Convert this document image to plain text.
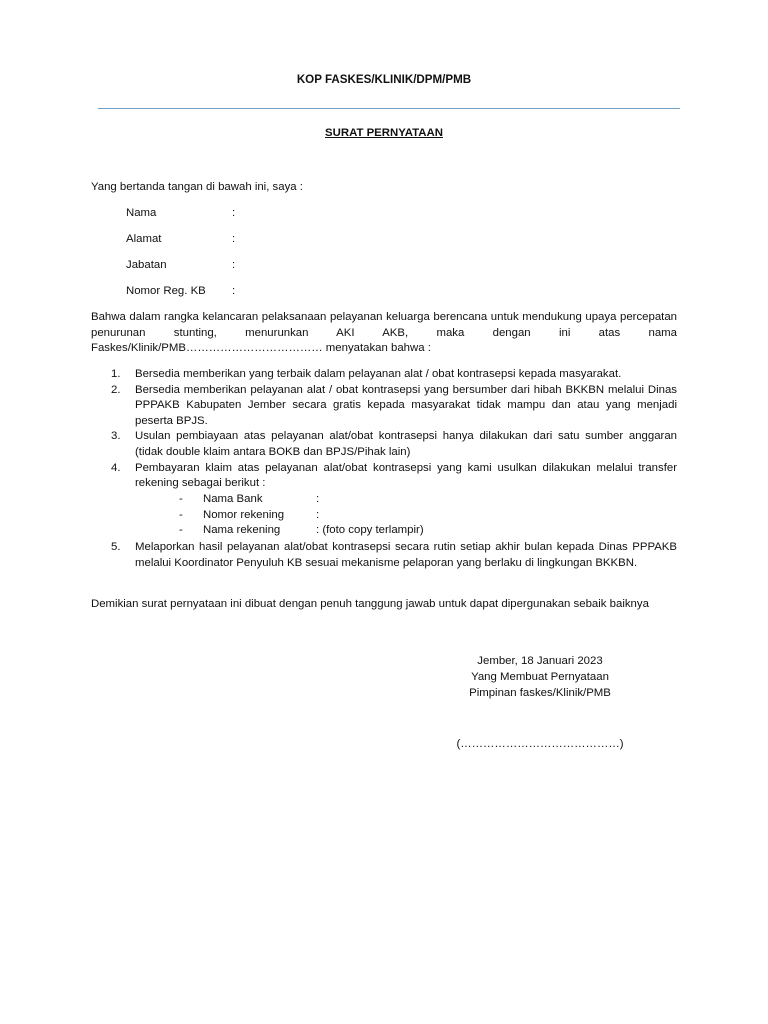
KOP FASKES/KLINIK/DPM/PMB
SURAT PERNYATAAN
Yang bertanda tangan di bawah ini, saya :
Nama	:
Alamat	:
Jabatan	:
Nomor Reg. KB :
Bahwa dalam rangka kelancaran pelaksanaan pelayanan keluarga berencana untuk mendukung upaya percepatan penurunan stunting, menurunkan AKI AKB, maka dengan ini atas nama Faskes/Klinik/PMB……………………………… menyatakan bahwa :
1. Bersedia memberikan yang terbaik dalam pelayanan alat / obat kontrasepsi kepada masyarakat.
2. Bersedia memberikan pelayanan alat / obat kontrasepsi yang bersumber dari hibah BKKBN melalui Dinas PPPAKB Kabupaten Jember secara gratis kepada masyarakat tidak mampu dan atau yang menjadi peserta BPJS.
3. Usulan pembiayaan atas pelayanan alat/obat kontrasepsi hanya dilakukan dari satu sumber anggaran (tidak double klaim antara BOKB dan BPJS/Pihak lain)
4. Pembayaran klaim atas pelayanan alat/obat kontrasepsi yang kami usulkan dilakukan melalui transfer rekening sebagai berikut :
- Nama Bank	:
- Nomor rekening	:
- Nama rekening	: (foto copy terlampir)
5. Melaporkan hasil pelayanan alat/obat kontrasepsi secara rutin setiap akhir bulan kepada Dinas PPPAKB melalui Koordinator Penyuluh KB sesuai mekanisme pelaporan yang berlaku di lingkungan BKKBN.
Demikian surat pernyataan ini dibuat dengan penuh tanggung jawab untuk dapat dipergunakan sebaik baiknya
Jember, 18 Januari 2023
Yang Membuat Pernyataan
Pimpinan faskes/Klinik/PMB
(……………………………………)
